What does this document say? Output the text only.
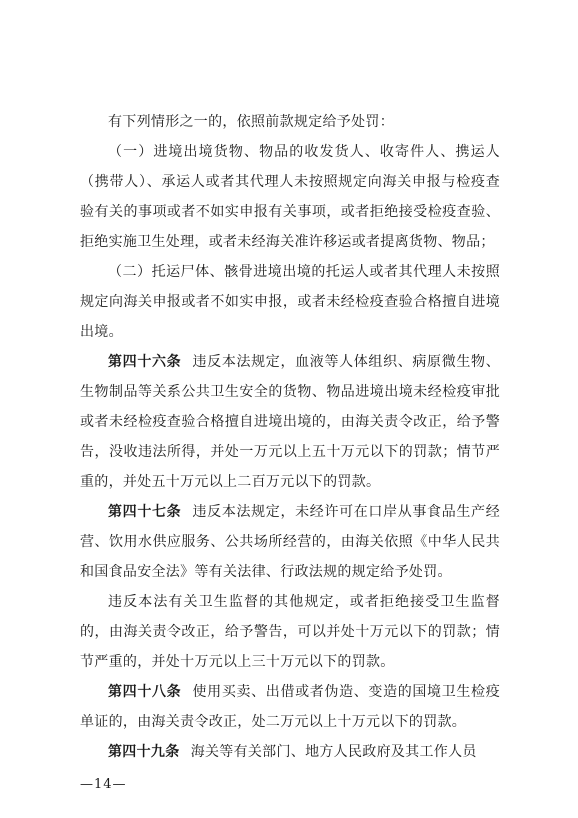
有下列情形之一的，依照前款规定给予处罚：

（一）进境出境货物、物品的收发货人、收寄件人、携运人（携带人）、承运人或者其代理人未按照规定向海关申报与检疫查验有关的事项或者不如实申报有关事项，或者拒绝接受检疫查验、拒绝实施卫生处理，或者未经海关准许移运或者提离货物、物品；

（二）托运尸体、骸骨进境出境的托运人或者其代理人未按照规定向海关申报或者不如实申报，或者未经检疫查验合格擅自进境出境。

第四十六条 违反本法规定，血液等人体组织、病原微生物、生物制品等关系公共卫生安全的货物、物品进境出境未经检疫审批或者未经检疫查验合格擅自进境出境的，由海关责令改正，给予警告，没收违法所得，并处一万元以上五十万元以下的罚款；情节严重的，并处五十万元以上二百万元以下的罚款。

第四十七条 违反本法规定，未经许可在口岸从事食品生产经营、饮用水供应服务、公共场所经营的，由海关依照《中华人民共和国食品安全法》等有关法律、行政法规的规定给予处罚。

违反本法有关卫生监督的其他规定，或者拒绝接受卫生监督的，由海关责令改正，给予警告，可以并处十万元以下的罚款；情节严重的，并处十万元以上三十万元以下的罚款。

第四十八条 使用买卖、出借或者伪造、变造的国境卫生检疫单证的，由海关责令改正，处二万元以上十万元以下的罚款。

第四十九条 海关等有关部门、地方人民政府及其工作人员

—14—
